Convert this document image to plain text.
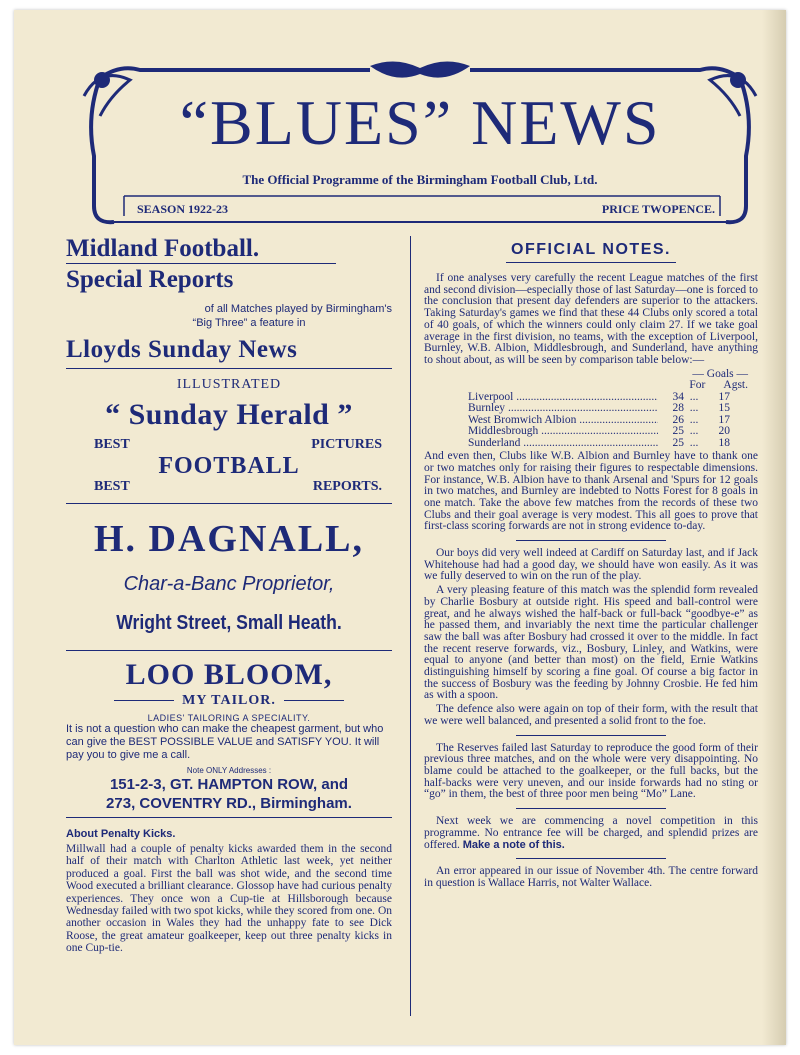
“BLUES” NEWS
The Official Programme of the Birmingham Football Club, Ltd.
SEASON 1922-23	PRICE TWOPENCE.
Midland Football.
Special Reports
of all Matches played by Birmingham's
“Big Three” a feature in
Lloyds Sunday News
ILLUSTRATED
“ Sunday Herald ”
BEST	PICTURES
FOOTBALL
BEST	REPORTS.
H. DAGNALL,
Char-a-Banc Proprietor,
Wright Street, Small Heath.
LOO BLOOM,
MY TAILOR.
LADIES' TAILORING A SPECIALITY.
It is not a question who can make the cheapest garment, but who can give the BEST POSSIBLE VALUE and SATISFY YOU. It will pay you to give me a call.
Note ONLY Addresses :
151-2-3, GT. HAMPTON ROW, and
273, COVENTRY RD., Birmingham.
About Penalty Kicks.
Millwall had a couple of penalty kicks awarded them in the second half of their match with Charlton Athletic last week, yet neither produced a goal. First the ball was shot wide, and the second time Wood executed a brilliant clearance. Glossop have had curious penalty experiences. They once won a Cup-tie at Hillsborough because Wednesday failed with two spot kicks, while they scored from one. On another occasion in Wales they had the unhappy fate to see Dick Roose, the great amateur goalkeeper, keep out three penalty kicks in one Cup-tie.
OFFICIAL NOTES.

If one analyses very carefully the recent League matches of the first and second division—especially those of last Saturday—one is forced to the conclusion that present day defenders are superior to the attackers. Taking Saturday's games we find that these 44 Clubs only scored a total of 40 goals, of which the winners could only claim 27. If we take goal average in the first division, no teams, with the exception of Liverpool, Burnley, W.B. Albion, Middlesbrough, and Sunderland, have anything to shout about, as will be seen by comparison table below:—

— Goals —
For Agst.
Liverpool .....	34 ...	17
Burnley .....	28 ...	15
West Bromwich Albion .....	26 ...	17
Middlesbrough .....	25 ...	20
Sunderland .....	25 ...	18

And even then, Clubs like W.B. Albion and Burnley have to thank one or two matches only for raising their figures to respectable dimensions. For instance, W.B. Albion have to thank Arsenal and 'Spurs for 12 goals in two matches, and Burnley are indebted to Notts Forest for 8 goals in one match. Take the above few matches from the records of these two Clubs and their goal average is very modest. This all goes to prove that first-class scoring forwards are not in strong evidence to-day.

Our boys did very well indeed at Cardiff on Saturday last, and if Jack Whitehouse had had a good day, we should have won easily. As it was we fully deserved to win on the run of the play.

A very pleasing feature of this match was the splendid form revealed by Charlie Bosbury at outside right. His speed and ball-control were great, and he always wished the half-back or full-back “goodbye-e” as he passed them, and invariably the next time the particular challenger saw the ball was after Bosbury had crossed it over to the middle. In fact the recent reserve forwards, viz., Bosbury, Linley, and Watkins, were equal to anyone (and better than most) on the field, Ernie Watkins distinguishing himself by scoring a fine goal. Of course a big factor in the success of Bosbury was the feeding by Johnny Crosbie. He fed him as with a spoon.

The defence also were again on top of their form, with the result that we were well balanced, and presented a solid front to the foe.

The Reserves failed last Saturday to reproduce the good form of their previous three matches, and on the whole were very disappointing. No blame could be attached to the goalkeeper, or the full backs, but the half-backs were very uneven, and our inside forwards had no sting or “go” in them, the best of three poor men being “Mo” Lane.

Next week we are commencing a novel competition in this programme. No entrance fee will be charged, and splendid prizes are offered. Make a note of this.

An error appeared in our issue of November 4th. The centre forward in question is Wallace Harris, not Walter Wallace.
